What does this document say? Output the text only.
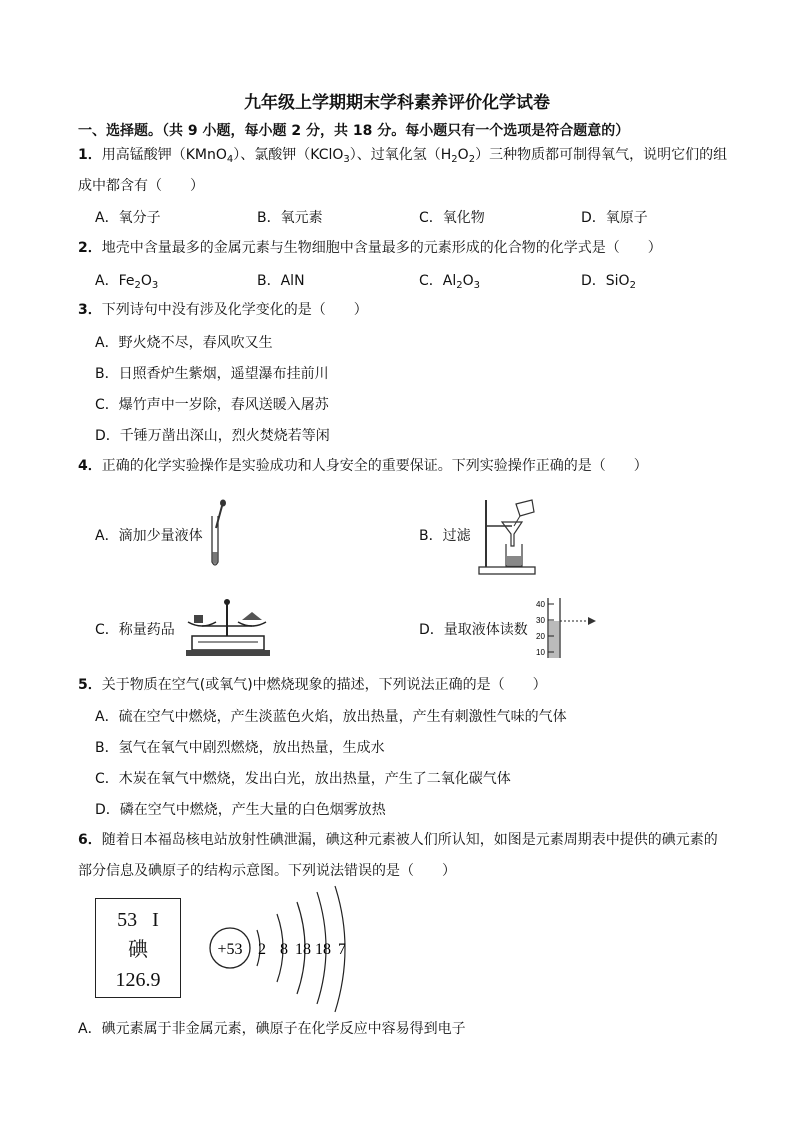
九年级上学期期末学科素养评价化学试卷
一、选择题。（共 9 小题，每小题 2 分，共 18 分。每小题只有一个选项是符合题意的）
1．用高锰酸钾（KMnO$_4$）、氯酸钾（KClO$_3$）、过氧化氢$(H_2O_2)$三种物质都可制得氧气，说明它们的组
成中都含有（　　）
A．氧分子	B．氧元素	C．氧化物	D．氧原子
2．地壳中含量最多的金属元素与生物细胞中含量最多的元素形成的化合物的化学式是（　　）
A．$Fe_2O_3$	B．AlN	C．$Al_2O_3$	D．SiO$_2$
3．下列诗句中没有涉及化学变化的是（　　）
A．野火烧不尽，春风吹又生
B．日照香炉生紫烟，遥望瀑布挂前川
C．爆竹声中一岁除，春风送暖入屠苏
D．千锤万凿出深山，烈火焚烧若等闲
4．正确的化学实验操作是实验成功和人身安全的重要保证。下列实验操作正确的是（　　）
A．滴加少量液体	B．过滤
C．称量药品	D．量取液体读数
40
30
20
10
5．关于物质在空气(或氧气)中燃烧现象的描述，下列说法正确的是（　　）
A．硫在空气中燃烧，产生淡蓝色火焰，放出热量，产生有刺激性气味的气体
B．氢气在氧气中剧烈燃烧，放出热量，生成水
C．木炭在氧气中燃烧，发出白光，放出热量，产生了二氧化碳气体
D．磷在空气中燃烧，产生大量的白色烟雾放热
6．随着日本福岛核电站放射性碘泄漏，碘这种元素被人们所认知，如图是元素周期表中提供的碘元素的
部分信息及碘原子的结构示意图。下列说法错误的是（　　）
53 I
碘
126.9
+53 2 8 18 18 7
A．碘元素属于非金属元素，碘原子在化学反应中容易得到电子
